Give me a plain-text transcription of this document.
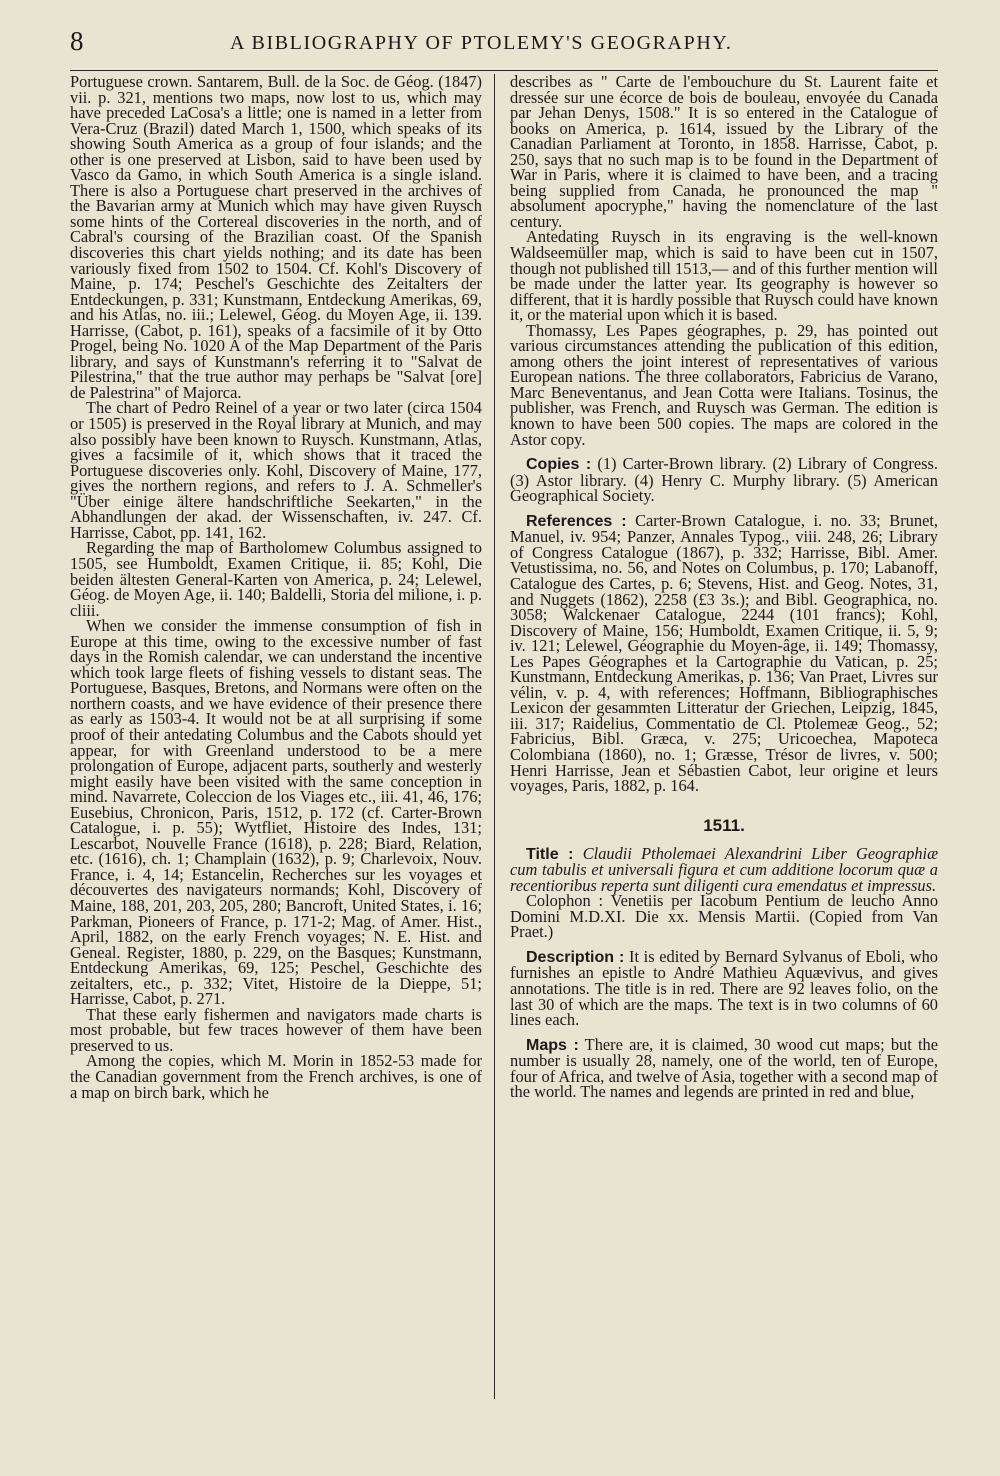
8	A BIBLIOGRAPHY OF PTOLEMY'S GEOGRAPHY.

Portuguese crown. Santarem, Bull. de la Soc. de Géog. (1847) vii. p. 321, mentions two maps, now lost to us, which may have preceded LaCosa's a little; one is named in a letter from Vera-Cruz (Brazil) dated March 1, 1500, which speaks of its showing South America as a group of four islands; and the other is one preserved at Lisbon, said to have been used by Vasco da Gamo, in which South America is a single island. There is also a Portuguese chart preserved in the archives of the Bavarian army at Munich which may have given Ruysch some hints of the Cortereal discoveries in the north, and of Cabral's coursing of the Brazilian coast. Of the Spanish discoveries this chart yields nothing; and its date has been variously fixed from 1502 to 1504. Cf. Kohl's Discovery of Maine, p. 174; Peschel's Geschichte des Zeitalters der Entdeckungen, p. 331; Kunstmann, Entdeckung Amerikas, 69, and his Atlas, no. iii.; Lelewel, Géog. du Moyen Age, ii. 139. Harrisse, (Cabot, p. 161), speaks of a facsimile of it by Otto Progel, being No. 1020 A of the Map Department of the Paris library, and says of Kunstmann's referring it to "Salvat de Pilestrina," that the true author may perhaps be "Salvat [ore] de Palestrina" of Majorca.

The chart of Pedro Reinel of a year or two later (circa 1504 or 1505) is preserved in the Royal library at Munich, and may also possibly have been known to Ruysch. Kunstmann, Atlas, gives a facsimile of it, which shows that it traced the Portuguese discoveries only. Kohl, Discovery of Maine, 177, gives the northern regions, and refers to J. A. Schmeller's "Über einige ältere handschriftliche Seekarten," in the Abhandlungen der akad. der Wissenschaften, iv. 247. Cf. Harrisse, Cabot, pp. 141, 162.

Regarding the map of Bartholomew Columbus assigned to 1505, see Humboldt, Examen Critique, ii. 85; Kohl, Die beiden ältesten General-Karten von America, p. 24; Lelewel, Géog. de Moyen Age, ii. 140; Baldelli, Storia del milione, i. p. cliii.

When we consider the immense consumption of fish in Europe at this time, owing to the excessive number of fast days in the Romish calendar, we can understand the incentive which took large fleets of fishing vessels to distant seas. The Portuguese, Basques, Bretons, and Normans were often on the northern coasts, and we have evidence of their presence there as early as 1503-4. It would not be at all surprising if some proof of their antedating Columbus and the Cabots should yet appear, for with Greenland understood to be a mere prolongation of Europe, adjacent parts, southerly and westerly might easily have been visited with the same conception in mind. Navarrete, Coleccion de los Viages etc., iii. 41, 46, 176; Eusebius, Chronicon, Paris, 1512, p. 172 (cf. Carter-Brown Catalogue, i. p. 55); Wytfliet, Histoire des Indes, 131; Lescarbot, Nouvelle France (1618), p. 228; Biard, Relation, etc. (1616), ch. 1; Champlain (1632), p. 9; Charlevoix, Nouv. France, i. 4, 14; Estancelin, Recherches sur les voyages et découvertes des navigateurs normands; Kohl, Discovery of Maine, 188, 201, 203, 205, 280; Bancroft, United States, i. 16; Parkman, Pioneers of France, p. 171-2; Mag. of Amer. Hist., April, 1882, on the early French voyages; N. E. Hist. and Geneal. Register, 1880, p. 229, on the Basques; Kunstmann, Entdeckung Amerikas, 69, 125; Peschel, Geschichte des zeitalters, etc., p. 332; Vitet, Histoire de la Dieppe, 51; Harrisse, Cabot, p. 271.

That these early fishermen and navigators made charts is most probable, but few traces however of them have been preserved to us.

Among the copies, which M. Morin in 1852-53 made for the Canadian government from the French archives, is one of a map on birch bark, which he

describes as " Carte de l'embouchure du St. Laurent faite et dressée sur une écorce de bois de bouleau, envoyée du Canada par Jehan Denys, 1508." It is so entered in the Catalogue of books on America, p. 1614, issued by the Library of the Canadian Parliament at Toronto, in 1858. Harrisse, Cabot, p. 250, says that no such map is to be found in the Department of War in Paris, where it is claimed to have been, and a tracing being supplied from Canada, he pronounced the map " absolument apocryphe," having the nomenclature of the last century.

Antedating Ruysch in its engraving is the well-known Waldseemüller map, which is said to have been cut in 1507, though not published till 1513,— and of this further mention will be made under the latter year. Its geography is however so different, that it is hardly possible that Ruysch could have known it, or the material upon which it is based.

Thomassy, Les Papes géographes, p. 29, has pointed out various circumstances attending the publication of this edition, among others the joint interest of representatives of various European nations. The three collaborators, Fabricius de Varano, Marc Beneventanus, and Jean Cotta were Italians. Tosinus, the publisher, was French, and Ruysch was German. The edition is known to have been 500 copies. The maps are colored in the Astor copy.

Copies : (1) Carter-Brown library. (2) Library of Congress. (3) Astor library. (4) Henry C. Murphy library. (5) American Geographical Society.

References : Carter-Brown Catalogue, i. no. 33; Brunet, Manuel, iv. 954; Panzer, Annales Typog., viii. 248, 26; Library of Congress Catalogue (1867), p. 332; Harrisse, Bibl. Amer. Vetustissima, no. 56, and Notes on Columbus, p. 170; Labanoff, Catalogue des Cartes, p. 6; Stevens, Hist. and Geog. Notes, 31, and Nuggets (1862), 2258 (£3 3s.); and Bibl. Geographica, no. 3058; Walckenaer Catalogue, 2244 (101 francs); Kohl, Discovery of Maine, 156; Humboldt, Examen Critique, ii. 5, 9; iv. 121; Lelewel, Géographie du Moyen-âge, ii. 149; Thomassy, Les Papes Géographes et la Cartographie du Vatican, p. 25; Kunstmann, Entdeckung Amerikas, p. 136; Van Praet, Livres sur vélin, v. p. 4, with references; Hoffmann, Bibliographisches Lexicon der gesammten Litteratur der Griechen, Leipzig, 1845, iii. 317; Raidelius, Commentatio de Cl. Ptolemeæ Geog., 52; Fabricius, Bibl. Græca, v. 275; Uricoechea, Mapoteca Colombiana (1860), no. 1; Græsse, Trésor de livres, v. 500; Henri Harrisse, Jean et Sébastien Cabot, leur origine et leurs voyages, Paris, 1882, p. 164.

1511.

Title : Claudii Ptholemaei Alexandrini Liber Geographiæ cum tabulis et universali figura et cum additione locorum quæ a recentioribus reperta sunt diligenti cura emendatus et impressus.

Colophon : Venetiis per Iacobum Pentium de leucho Anno Domini M.D.XI. Die xx. Mensis Martii. (Copied from Van Praet.)

Description : It is edited by Bernard Sylvanus of Eboli, who furnishes an epistle to André Mathieu Aquævivus, and gives annotations. The title is in red. There are 92 leaves folio, on the last 30 of which are the maps. The text is in two columns of 60 lines each.

Maps : There are, it is claimed, 30 wood cut maps; but the number is usually 28, namely, one of the world, ten of Europe, four of Africa, and twelve of Asia, together with a second map of the world. The names and legends are printed in red and blue,
